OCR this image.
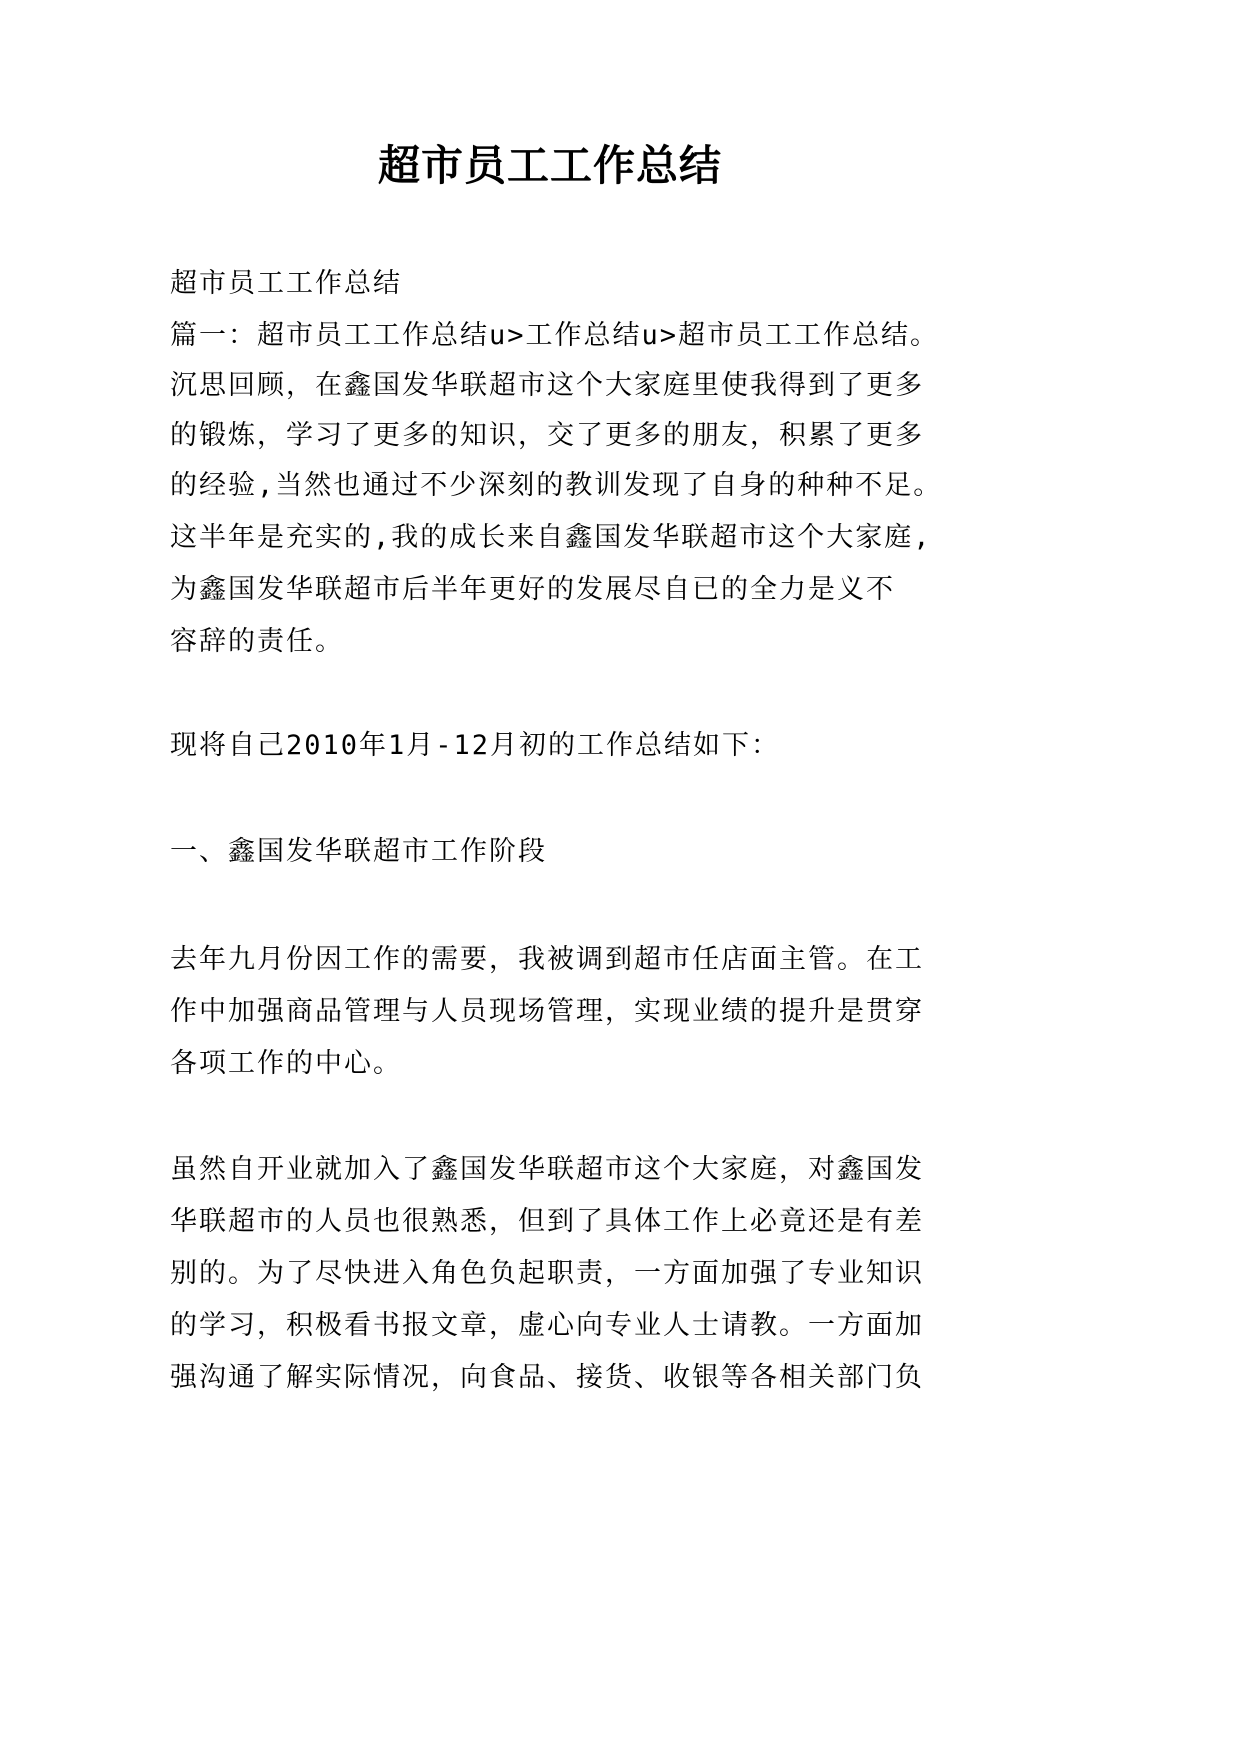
超市员工工作总结

超市员工工作总结

篇一：超市员工工作总结u>工作总结u>超市员工工作总结。

沉思回顾，在鑫国发华联超市这个大家庭里使我得到了更多

的锻炼，学习了更多的知识，交了更多的朋友，积累了更多

的经验,当然也通过不少深刻的教训发现了自身的种种不足。

这半年是充实的,我的成长来自鑫国发华联超市这个大家庭,

为鑫国发华联超市后半年更好的发展尽自已的全力是义不

容辞的责任。

现将自己2010年1月-12月初的工作总结如下：

一、鑫国发华联超市工作阶段

去年九月份因工作的需要，我被调到超市任店面主管。在工

作中加强商品管理与人员现场管理，实现业绩的提升是贯穿

各项工作的中心。

虽然自开业就加入了鑫国发华联超市这个大家庭，对鑫国发

华联超市的人员也很熟悉，但到了具体工作上必竟还是有差

别的。为了尽快进入角色负起职责，一方面加强了专业知识

的学习，积极看书报文章，虚心向专业人士请教。一方面加

强沟通了解实际情况，向食品、接货、收银等各相关部门负
